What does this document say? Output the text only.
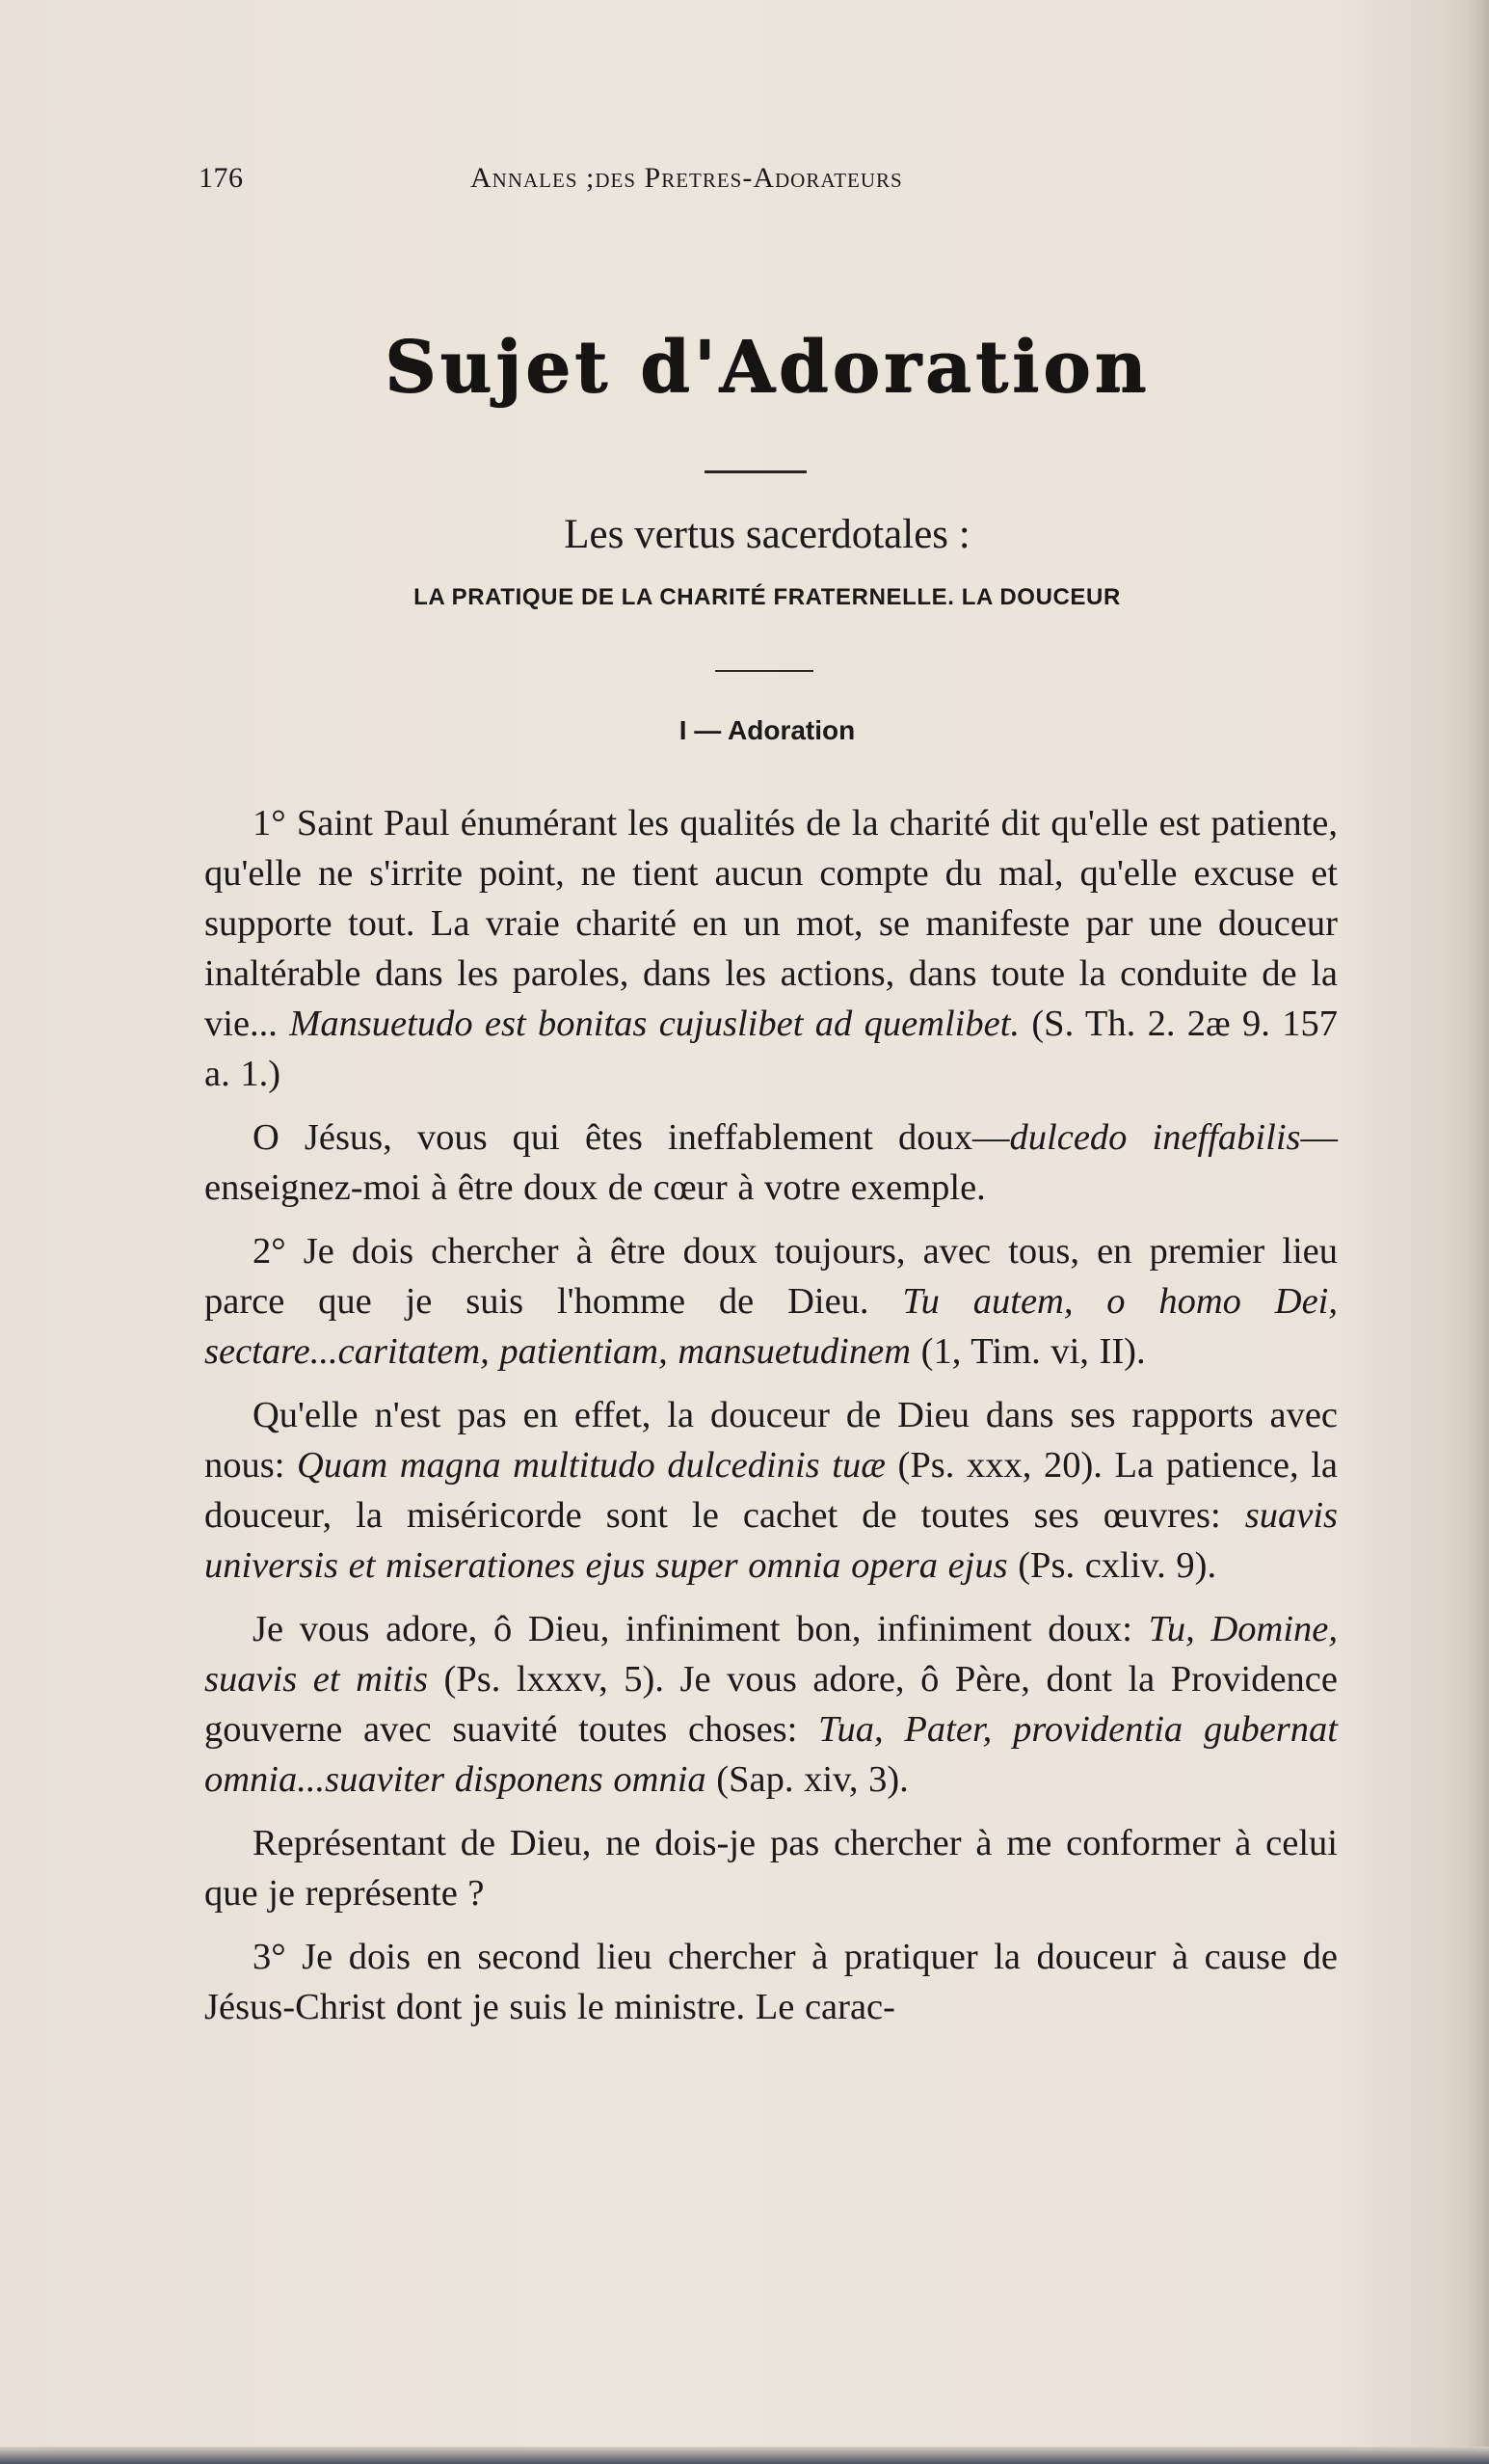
176	Annales ;des Pretres-Adorateurs
Sujet d'Adoration
Les vertus sacerdotales :
LA PRATIQUE DE LA CHARITÉ FRATERNELLE. LA DOUCEUR
I — Adoration

1° Saint Paul énumérant les qualités de la charité dit qu'elle est patiente, qu'elle ne s'irrite point, ne tient aucun compte du mal, qu'elle excuse et supporte tout. La vraie charité en un mot, se manifeste par une douceur inaltérable dans les paroles, dans les actions, dans toute la conduite de la vie... Mansuetudo est bonitas cujuslibet ad quemlibet. (S. Th. 2. 2æ 9. 157 a. 1.)

O Jésus, vous qui êtes ineffablement doux—dulcedo ineffabilis—enseignez-moi à être doux de cœur à votre exemple.

2° Je dois chercher à être doux toujours, avec tous, en premier lieu parce que je suis l'homme de Dieu. Tu autem, o homo Dei, sectare...caritatem, patientiam, mansuetudinem (1, Tim. vi, II).

Qu'elle n'est pas en effet, la douceur de Dieu dans ses rapports avec nous: Quam magna multitudo dulcedinis tuæ (Ps. xxx, 20). La patience, la douceur, la miséricorde sont le cachet de toutes ses œuvres: suavis universis et miserationes ejus super omnia opera ejus (Ps. cxliv. 9).

Je vous adore, ô Dieu, infiniment bon, infiniment doux: Tu, Domine, suavis et mitis (Ps. lxxxv, 5). Je vous adore, ô Père, dont la Providence gouverne avec suavité toutes choses: Tua, Pater, providentia gubernat omnia...suaviter disponens omnia (Sap. xiv, 3).

Représentant de Dieu, ne dois-je pas chercher à me conformer à celui que je représente ?

3° Je dois en second lieu chercher à pratiquer la douceur à cause de Jésus-Christ dont je suis le ministre. Le carac-
